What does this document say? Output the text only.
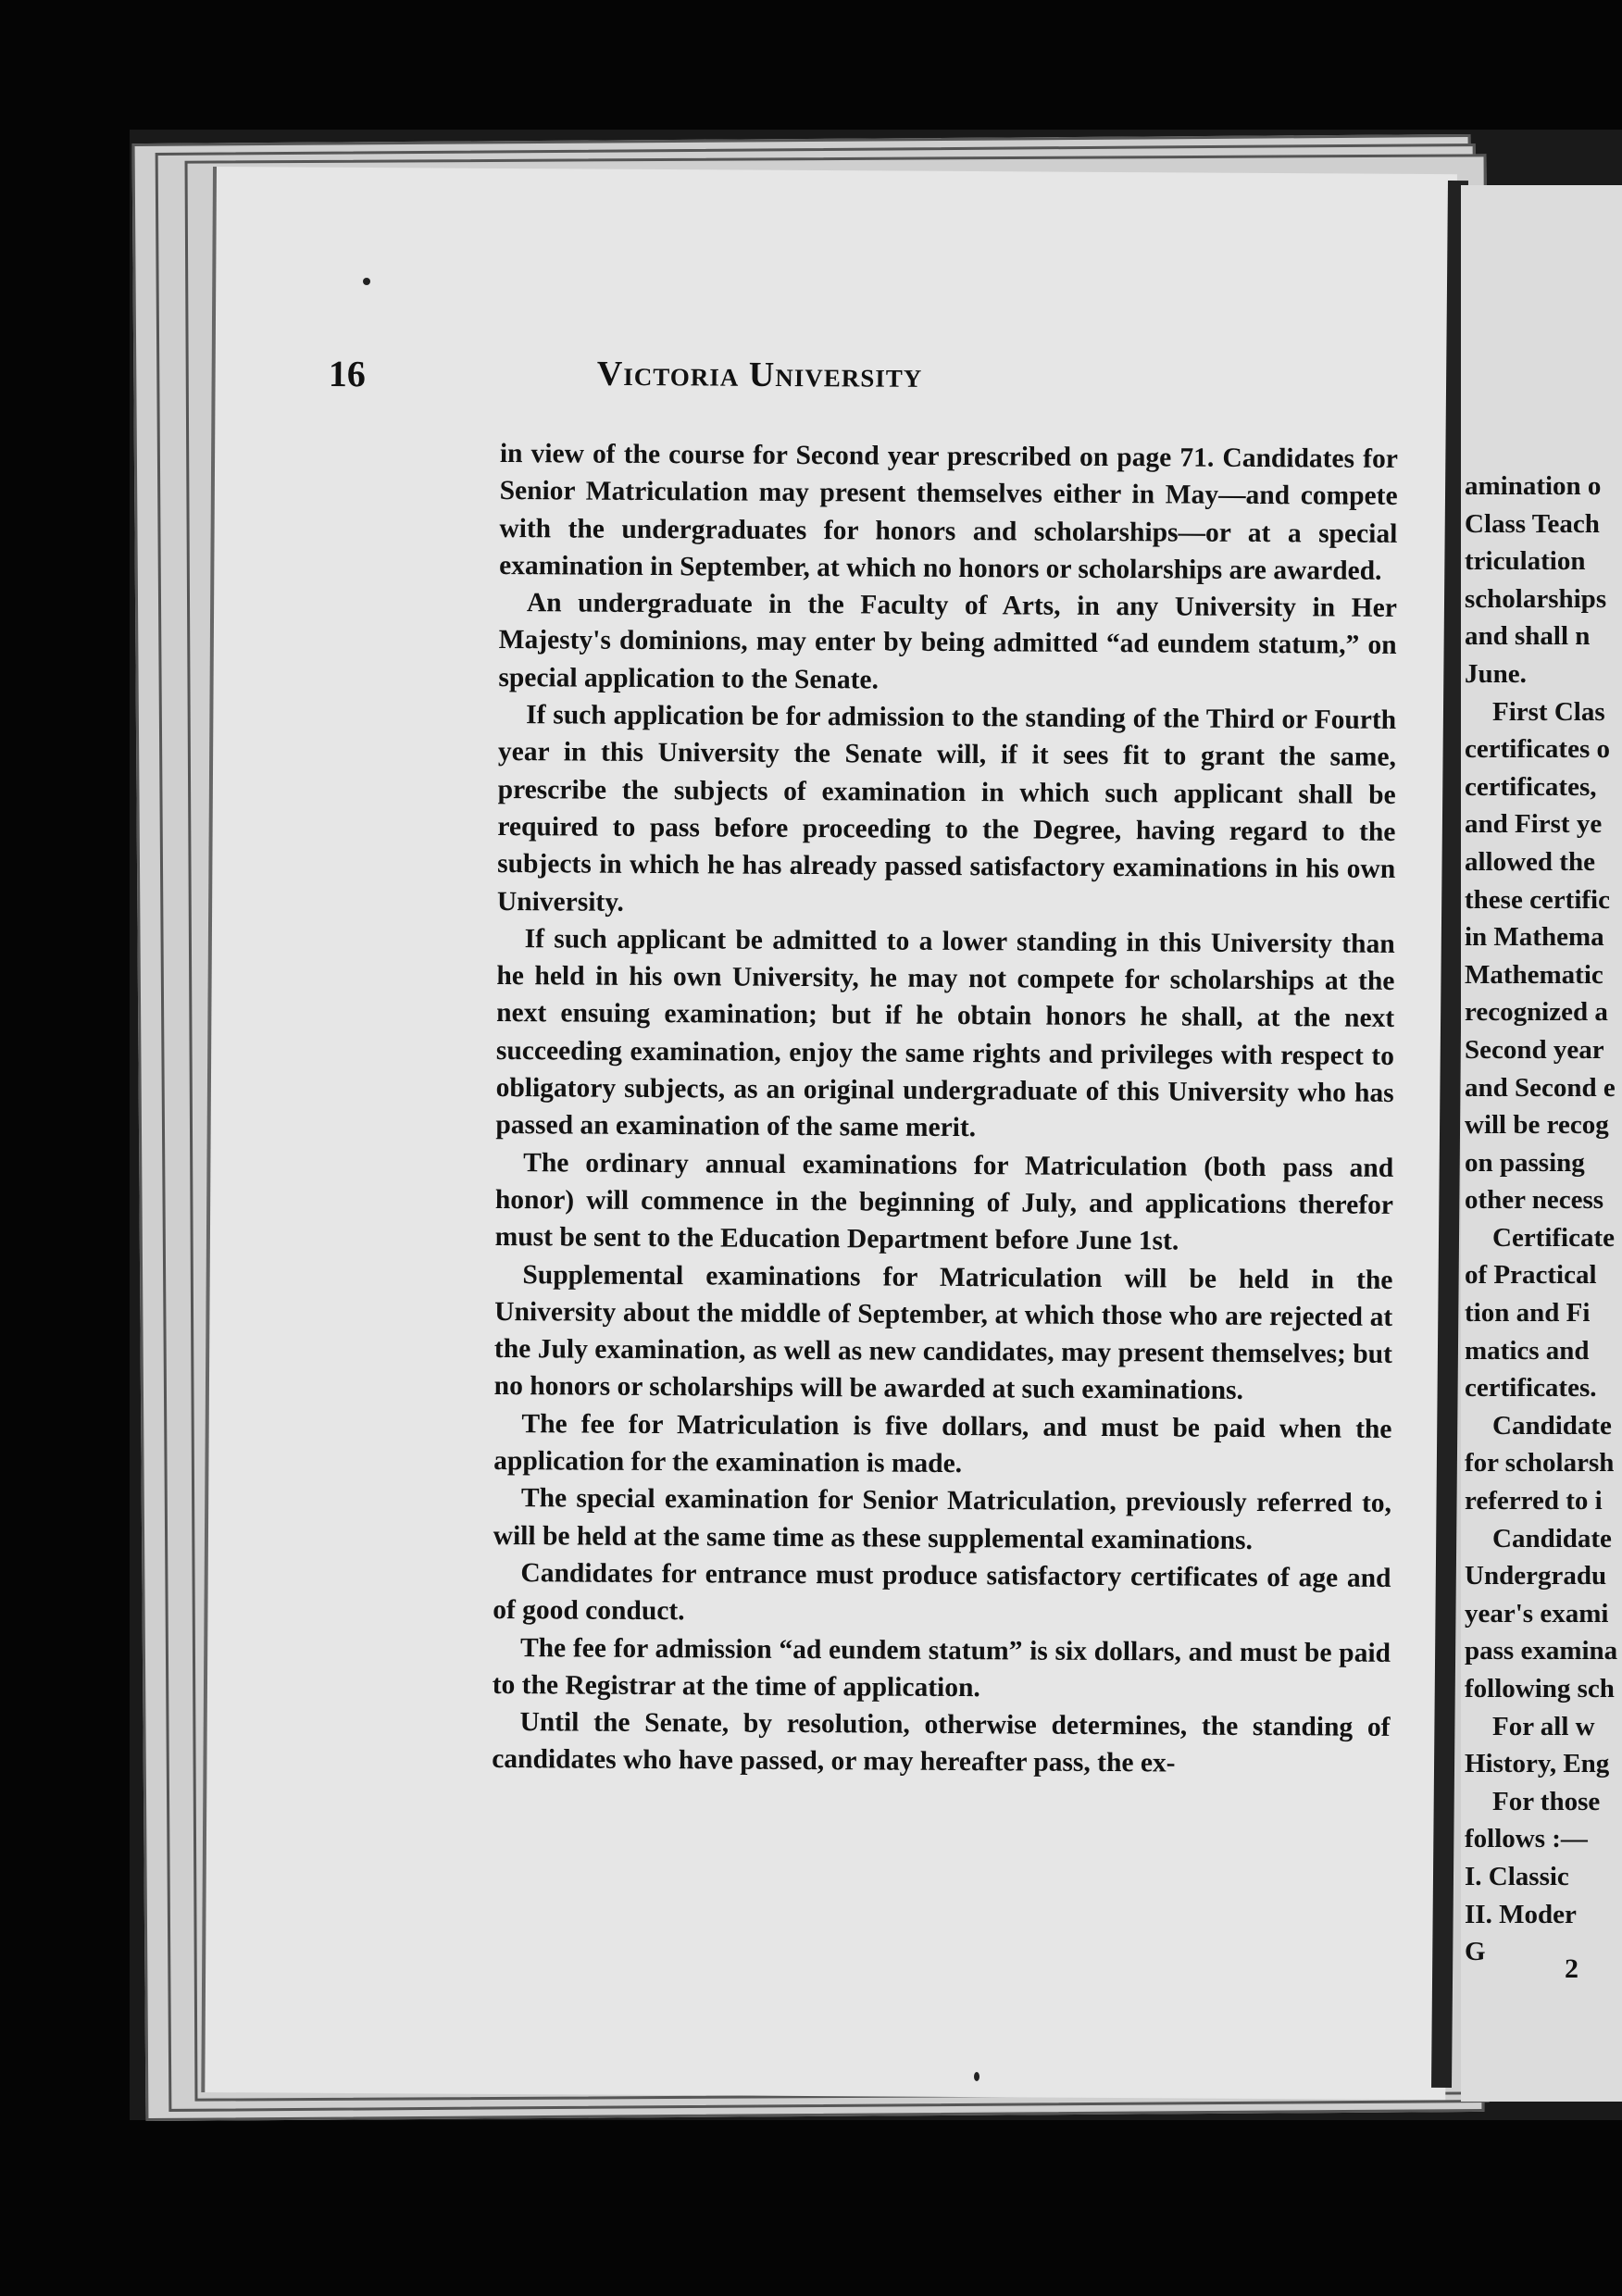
16	Victoria University

in view of the course for Second year prescribed on page 71. Candidates for Senior Matriculation may present themselves either in May—and compete with the undergraduates for honors and scholarships—or at a special examination in September, at which no honors or scholarships are awarded.

An undergraduate in the Faculty of Arts, in any University in Her Majesty's dominions, may enter by being admitted “ad eundem statum,” on special application to the Senate.

If such application be for admission to the standing of the Third or Fourth year in this University the Senate will, if it sees fit to grant the same, prescribe the subjects of examination in which such applicant shall be required to pass before proceeding to the Degree, having regard to the subjects in which he has already passed satisfactory examinations in his own University.

If such applicant be admitted to a lower standing in this University than he held in his own University, he may not compete for scholarships at the next ensuing examination; but if he obtain honors he shall, at the next succeeding examination, enjoy the same rights and privileges with respect to obligatory subjects, as an original undergraduate of this University who has passed an examination of the same merit.

The ordinary annual examinations for Matriculation (both pass and honor) will commence in the beginning of July, and applications therefor must be sent to the Education Department before June 1st.

Supplemental examinations for Matriculation will be held in the University about the middle of September, at which those who are rejected at the July examination, as well as new candidates, may present themselves; but no honors or scholarships will be awarded at such examinations.

The fee for Matriculation is five dollars, and must be paid when the application for the examination is made.

The special examination for Senior Matriculation, previously referred to, will be held at the same time as these supplemental examinations.

Candidates for entrance must produce satisfactory certificates of age and of good conduct.

The fee for admission “ad eundem statum” is six dollars, and must be paid to the Registrar at the time of application.

Until the Senate, by resolution, otherwise determines, the standing of candidates who have passed, or may hereafter pass, the ex-

amination o
Class Teach
triculation
scholarships
and shall n
June.
First Clas
certificates o
certificates,
and First ye
allowed the
these certific
in Mathema
Mathematic
recognized a
Second year
and Second e
will be recog
on passing
other necess
Certificate
of Practical
tion and Fi
matics and
certificates.
Candidate
for scholarsh
referred to i
Candidate
Undergradu
year's exami
pass examina
following sch
For all w
History, Eng
For those
follows :—
I. Classic
II. Moder
G
2
